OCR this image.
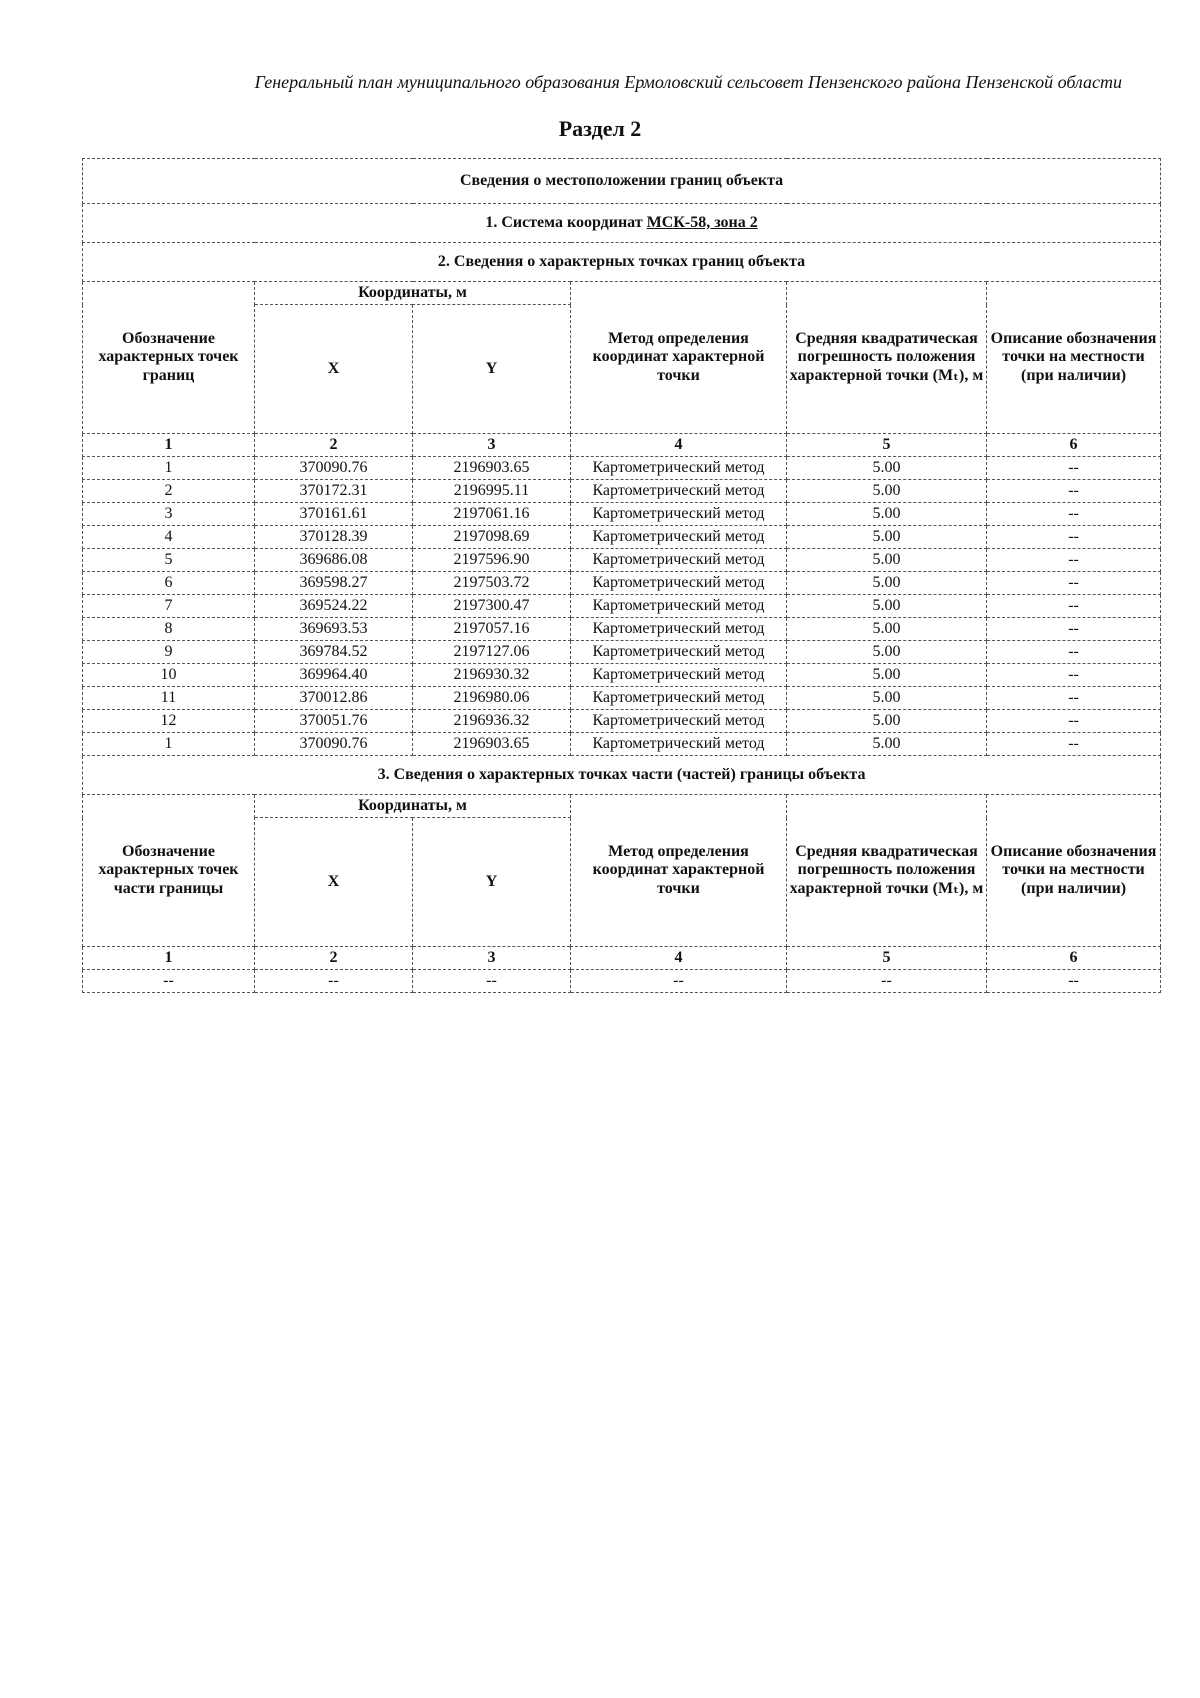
Генеральный план муниципального образования Ермоловский сельсовет Пензенского района Пензенской области
Раздел 2
Сведения о местоположении границ объекта					
1. Система координат МСК-58, зона 2					
2. Сведения о характерных точках границ объекта					
Обозначение характерных точек границ	Координаты, м		Метод определения координат характерной точки	Средняя квадратическая погрешность положения характерной точки (Mₜ), м	Описание обозначения точки на местности (при наличии)
	X	Y			
1	2	3	4	5	6
1	370090.76	2196903.65	Картометрический метод	5.00	--
2	370172.31	2196995.11	Картометрический метод	5.00	--
3	370161.61	2197061.16	Картометрический метод	5.00	--
4	370128.39	2197098.69	Картометрический метод	5.00	--
5	369686.08	2197596.90	Картометрический метод	5.00	--
6	369598.27	2197503.72	Картометрический метод	5.00	--
7	369524.22	2197300.47	Картометрический метод	5.00	--
8	369693.53	2197057.16	Картометрический метод	5.00	--
9	369784.52	2197127.06	Картометрический метод	5.00	--
10	369964.40	2196930.32	Картометрический метод	5.00	--
11	370012.86	2196980.06	Картометрический метод	5.00	--
12	370051.76	2196936.32	Картометрический метод	5.00	--
1	370090.76	2196903.65	Картометрический метод	5.00	--
3. Сведения о характерных точках части (частей) границы объекта					
Обозначение характерных точек части границы	Координаты, м		Метод определения координат характерной точки	Средняя квадратическая погрешность положения характерной точки (Mₜ), м	Описание обозначения точки на местности (при наличии)
	X	Y			
1	2	3	4	5	6
--	--	--	--	--	--
